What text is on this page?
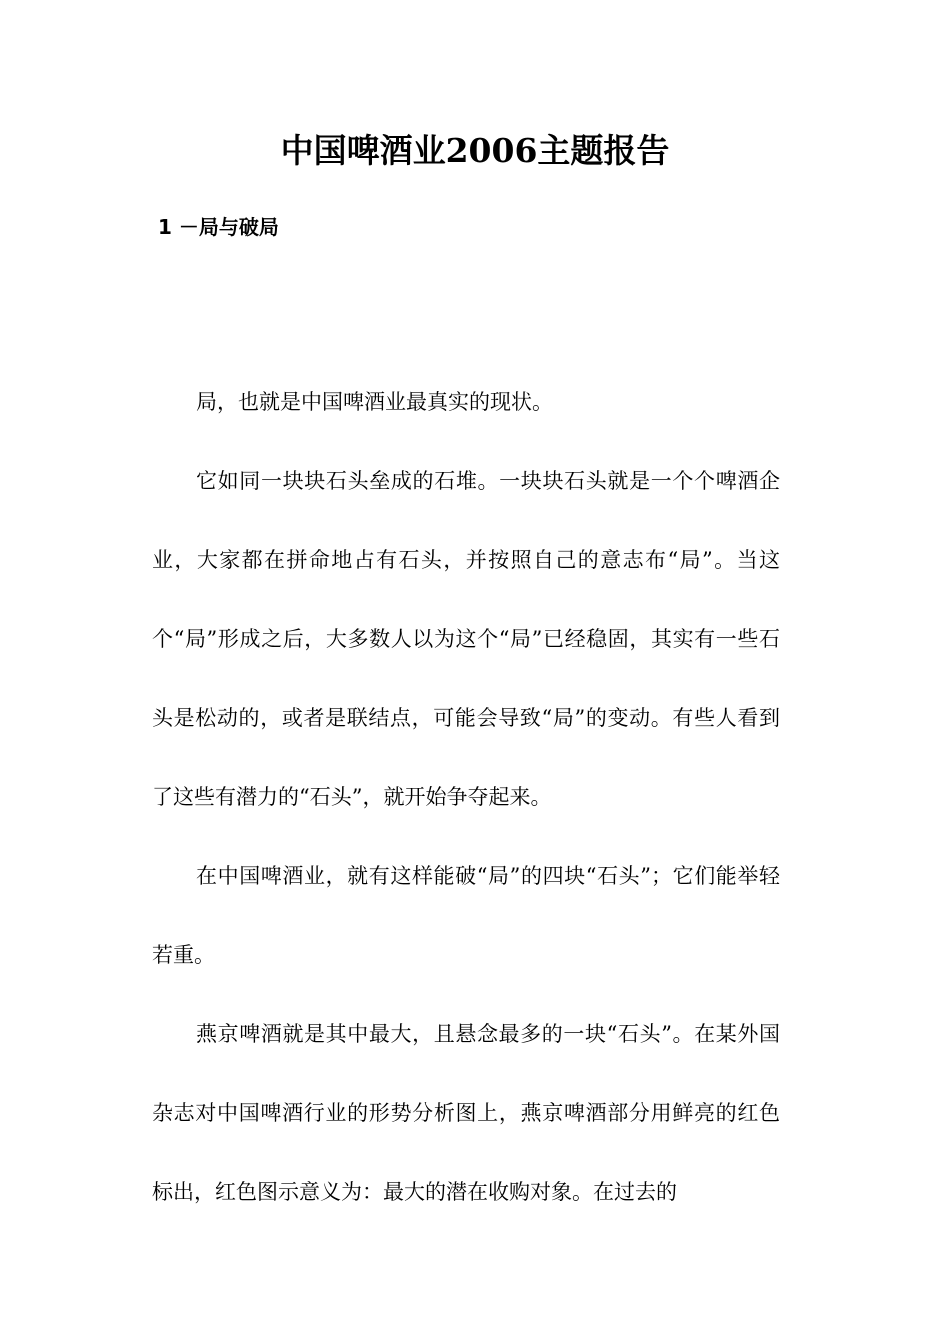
中国啤酒业2006主题报告
1 －局与破局

局，也就是中国啤酒业最真实的现状。

它如同一块块石头垒成的石堆。一块块石头就是一个个啤酒企业，大家都在拼命地占有石头，并按照自己的意志布“局”。当这个“局”形成之后，大多数人以为这个“局”已经稳固，其实有一些石头是松动的，或者是联结点，可能会导致“局”的变动。有些人看到了这些有潜力的“石头”，就开始争夺起来。

在中国啤酒业，就有这样能破“局”的四块“石头”；它们能举轻若重。

燕京啤酒就是其中最大，且悬念最多的一块“石头”。在某外国杂志对中国啤酒行业的形势分析图上，燕京啤酒部分用鲜亮的红色标出，红色图示意义为：最大的潜在收购对象。在过去的
